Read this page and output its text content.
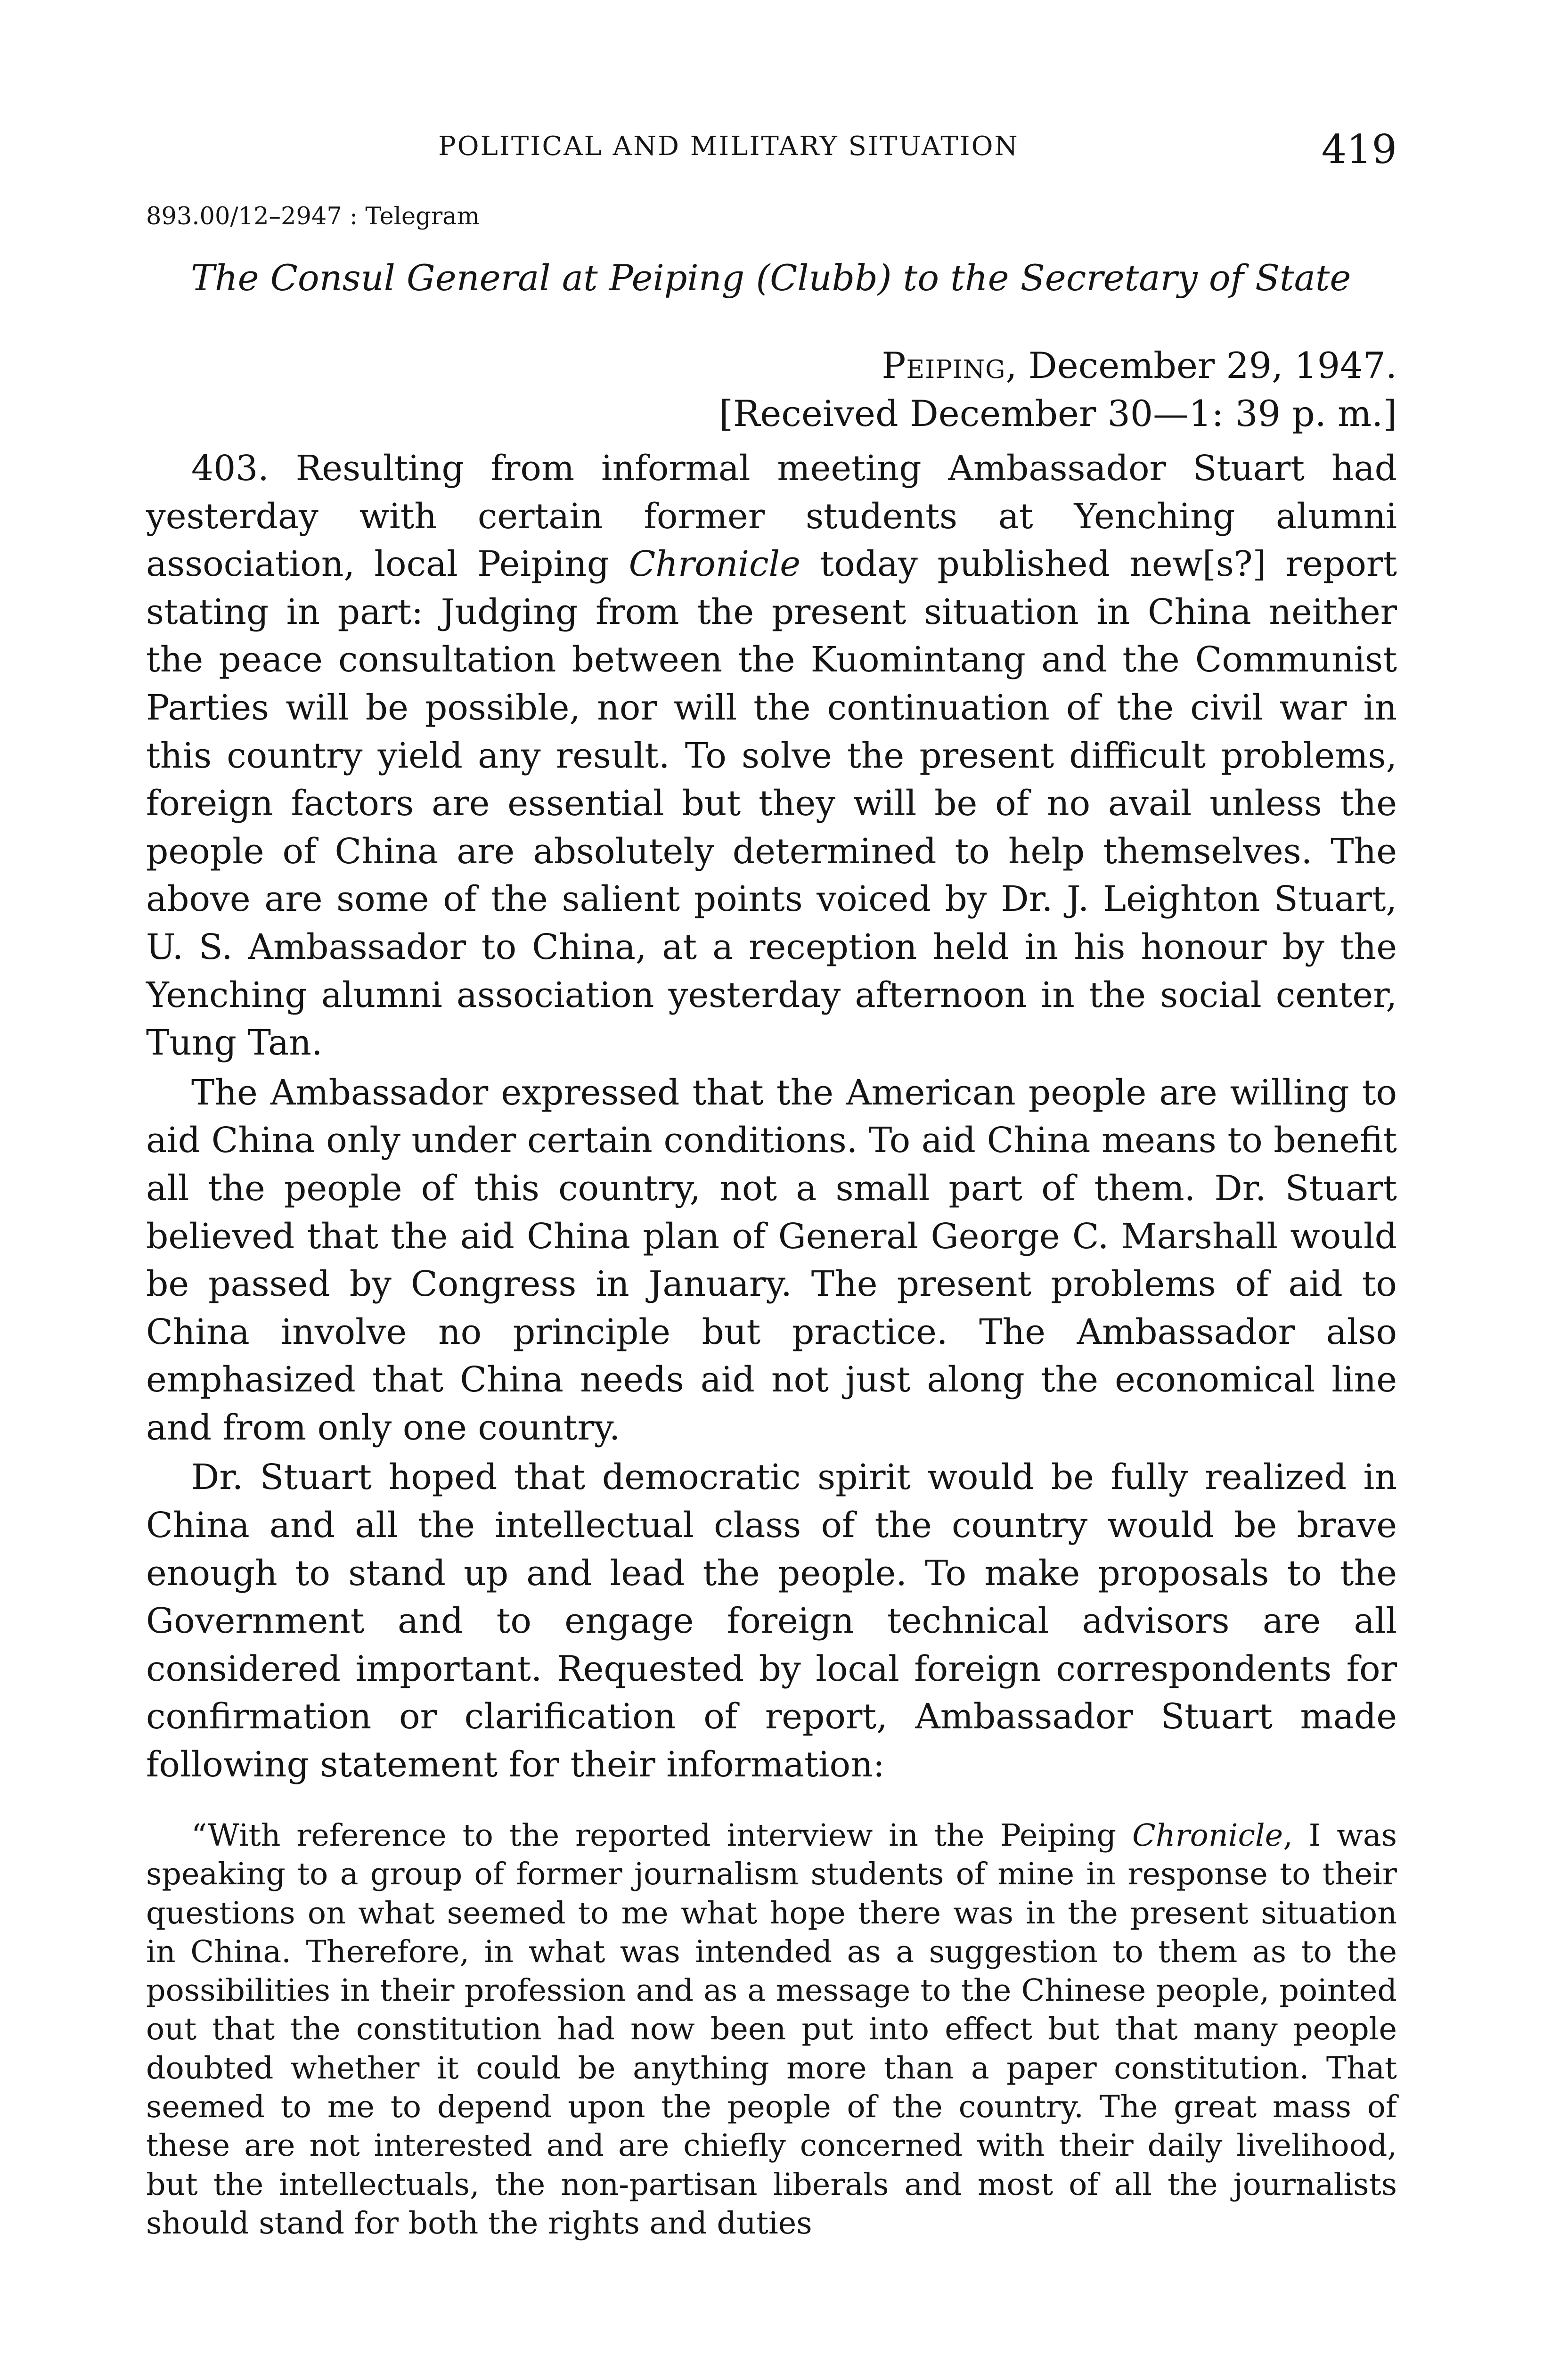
POLITICAL AND MILITARY SITUATION	419
893.00/12–2947 : Telegram
The Consul General at Peiping (Clubb) to the Secretary of State
Peiping, December 29, 1947.
[Received December 30—1: 39 p. m.]

403. Resulting from informal meeting Ambassador Stuart had yesterday with certain former students at Yenching alumni association, local Peiping Chronicle today published new[s?] report stating in part: Judging from the present situation in China neither the peace consultation between the Kuomintang and the Communist Parties will be possible, nor will the continuation of the civil war in this country yield any result. To solve the present difficult problems, foreign factors are essential but they will be of no avail unless the people of China are absolutely determined to help themselves. The above are some of the salient points voiced by Dr. J. Leighton Stuart, U. S. Ambassador to China, at a reception held in his honour by the Yenching alumni association yesterday afternoon in the social center, Tung Tan.

The Ambassador expressed that the American people are willing to aid China only under certain conditions. To aid China means to benefit all the people of this country, not a small part of them. Dr. Stuart believed that the aid China plan of General George C. Marshall would be passed by Congress in January. The present problems of aid to China involve no principle but practice. The Ambassador also emphasized that China needs aid not just along the economical line and from only one country.

Dr. Stuart hoped that democratic spirit would be fully realized in China and all the intellectual class of the country would be brave enough to stand up and lead the people. To make proposals to the Government and to engage foreign technical advisors are all considered important. Requested by local foreign correspondents for confirmation or clarification of report, Ambassador Stuart made following statement for their information:

“With reference to the reported interview in the Peiping Chronicle, I was speaking to a group of former journalism students of mine in response to their questions on what seemed to me what hope there was in the present situation in China. Therefore, in what was intended as a suggestion to them as to the possibilities in their profession and as a message to the Chinese people, pointed out that the constitution had now been put into effect but that many people doubted whether it could be anything more than a paper constitution. That seemed to me to depend upon the people of the country. The great mass of these are not interested and are chiefly concerned with their daily livelihood, but the intellectuals, the non-partisan liberals and most of all the journalists should stand for both the rights and duties
